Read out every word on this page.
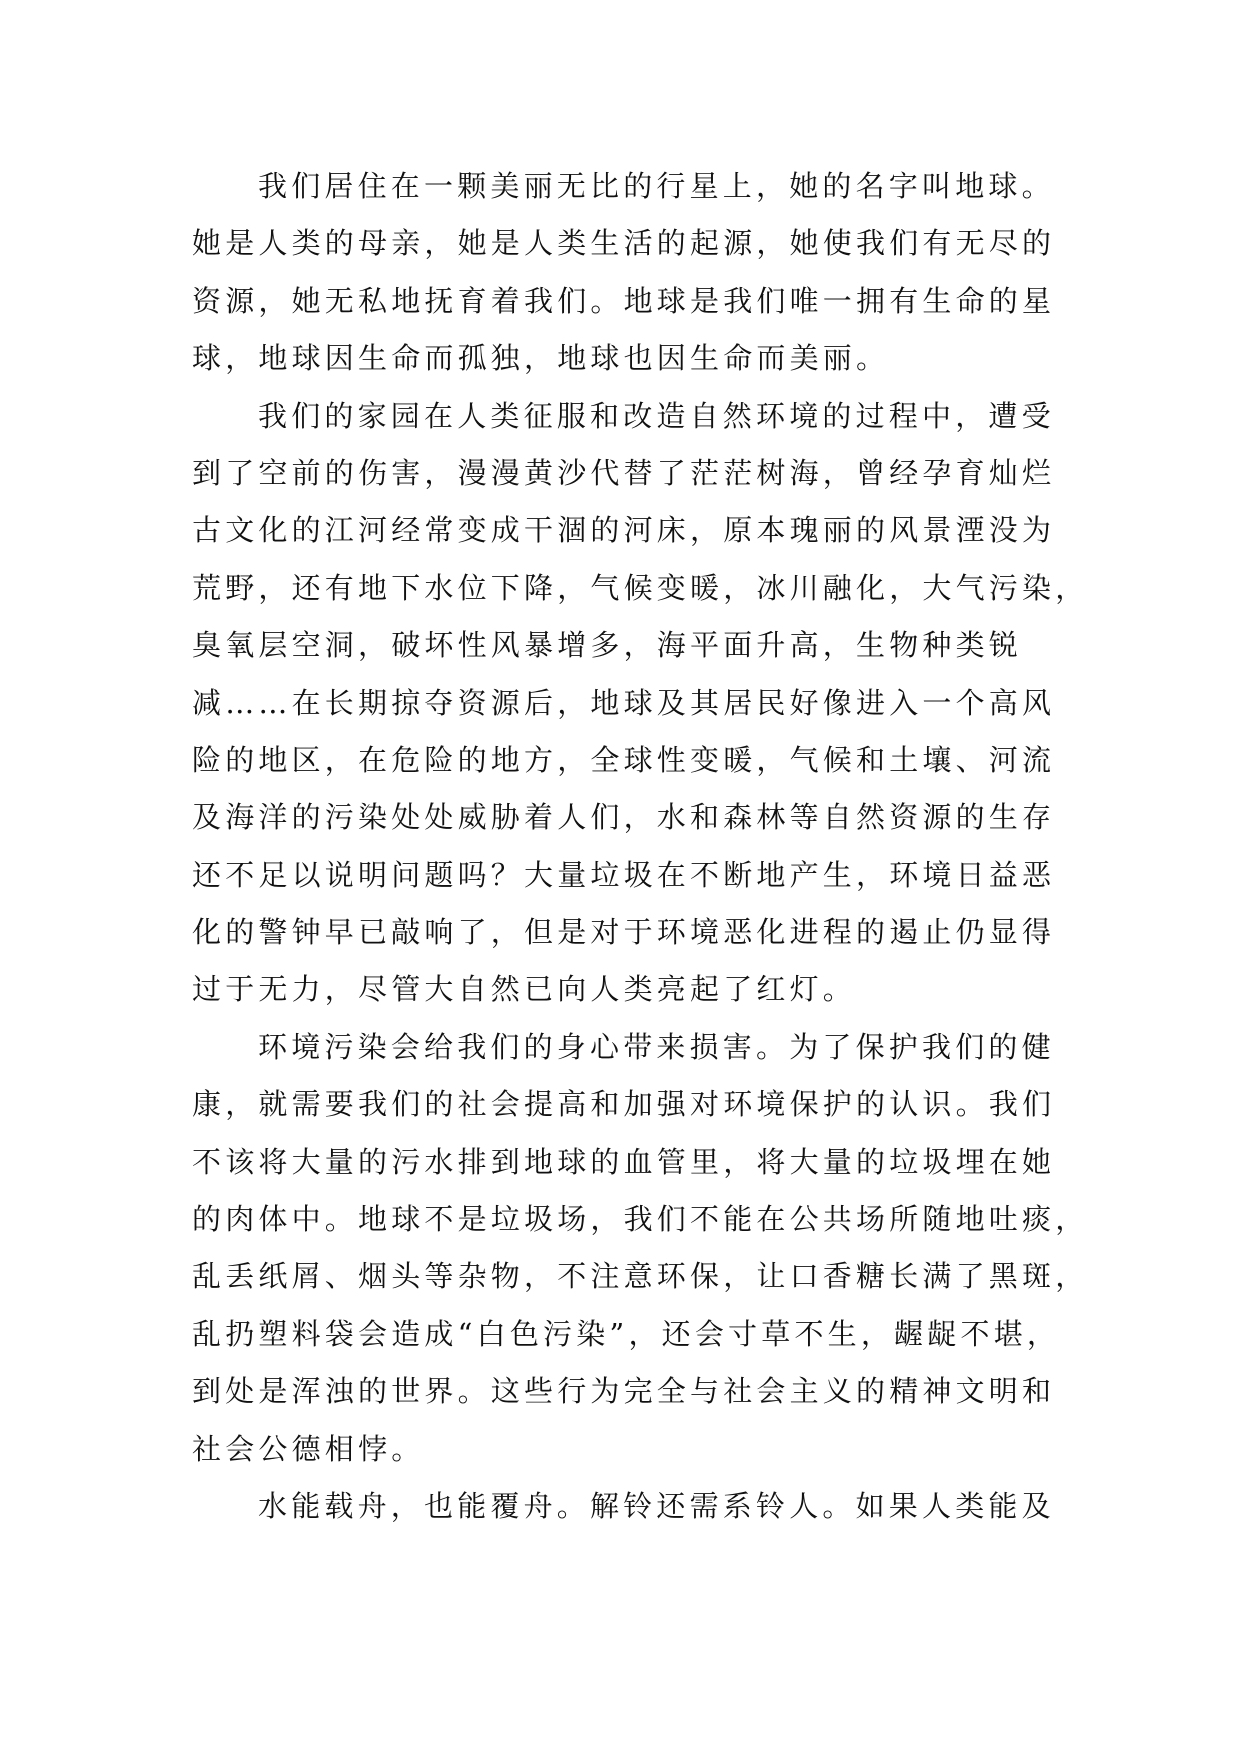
我们居住在一颗美丽无比的行星上，她的名字叫地球。
她是人类的母亲，她是人类生活的起源，她使我们有无尽的
资源，她无私地抚育着我们。地球是我们唯一拥有生命的星
球，地球因生命而孤独，地球也因生命而美丽。
我们的家园在人类征服和改造自然环境的过程中，遭受
到了空前的伤害，漫漫黄沙代替了茫茫树海，曾经孕育灿烂
古文化的江河经常变成干涸的河床，原本瑰丽的风景湮没为
荒野，还有地下水位下降，气候变暖，冰川融化，大气污染，
臭氧层空洞，破坏性风暴增多，海平面升高，生物种类锐
减……在长期掠夺资源后，地球及其居民好像进入一个高风
险的地区，在危险的地方，全球性变暖，气候和土壤、河流
及海洋的污染处处威胁着人们，水和森林等自然资源的生存
还不足以说明问题吗？大量垃圾在不断地产生，环境日益恶
化的警钟早已敲响了，但是对于环境恶化进程的遏止仍显得
过于无力，尽管大自然已向人类亮起了红灯。
环境污染会给我们的身心带来损害。为了保护我们的健
康，就需要我们的社会提高和加强对环境保护的认识。我们
不该将大量的污水排到地球的血管里，将大量的垃圾埋在她
的肉体中。地球不是垃圾场，我们不能在公共场所随地吐痰，
乱丢纸屑、烟头等杂物，不注意环保，让口香糖长满了黑斑，
乱扔塑料袋会造成“白色污染”，还会寸草不生，龌龊不堪，
到处是浑浊的世界。这些行为完全与社会主义的精神文明和
社会公德相悖。
水能载舟，也能覆舟。解铃还需系铃人。如果人类能及
